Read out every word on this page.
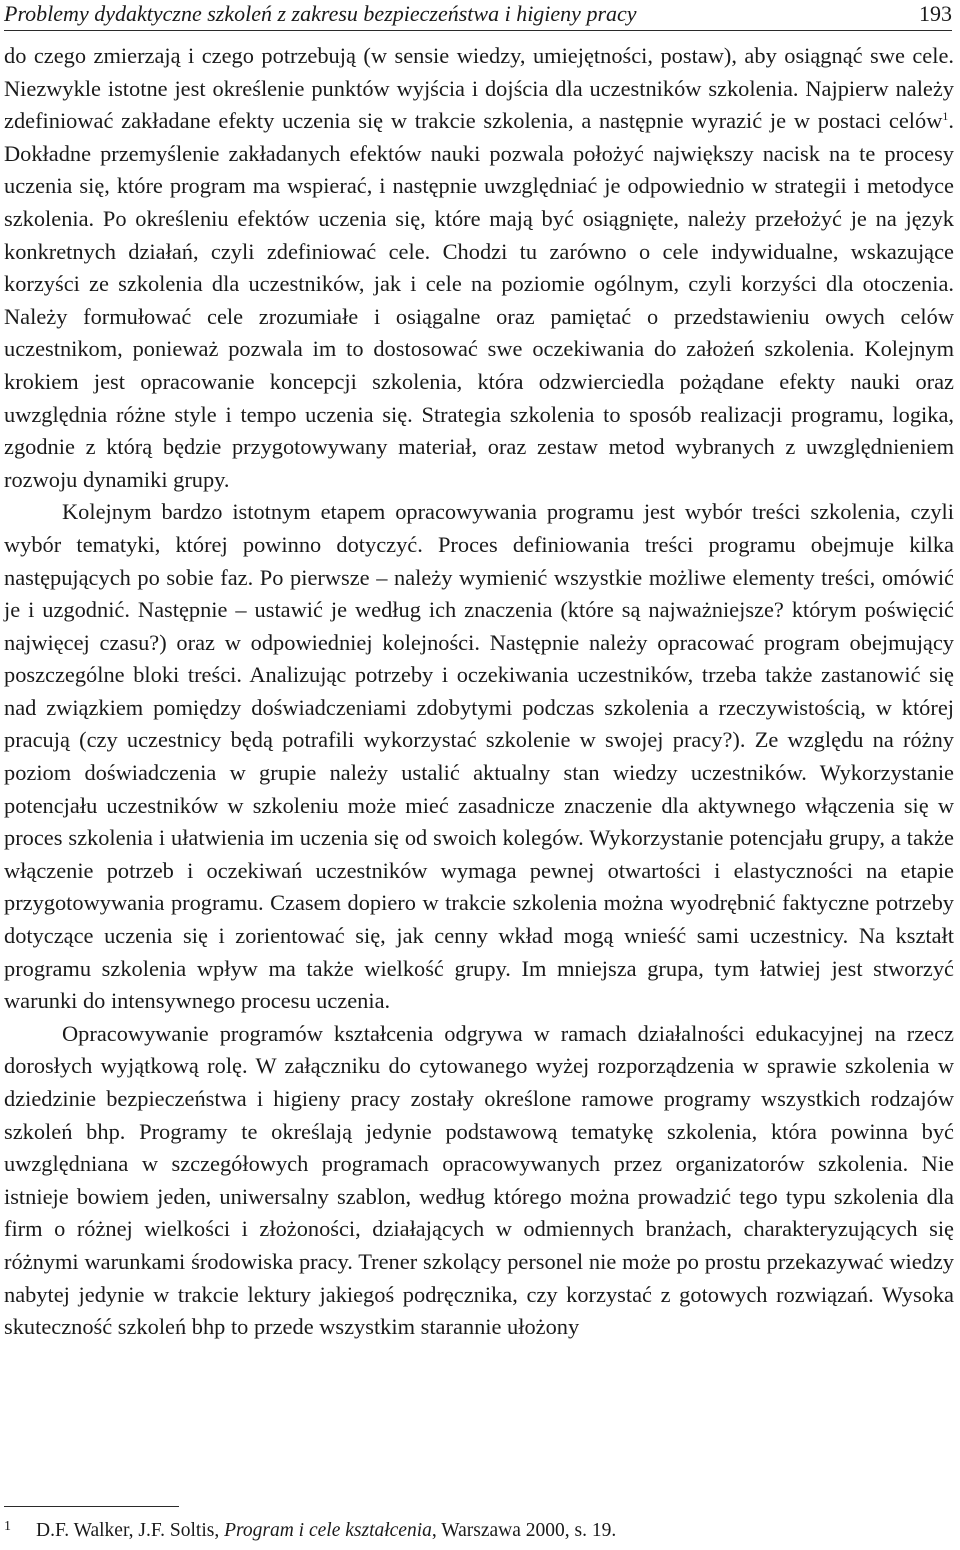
Problemy dydaktyczne szkoleń z zakresu bezpieczeństwa i higieny pracy	193

do czego zmierzają i czego potrzebują (w sensie wiedzy, umiejętności, postaw), aby osiągnąć swe cele. Niezwykle istotne jest określenie punktów wyjścia i dojścia dla uczestników szkolenia. Najpierw należy zdefiniować zakładane efekty uczenia się w trakcie szkolenia, a następnie wyrazić je w postaci celów$^1$. Dokładne przemyślenie zakładanych efektów nauki pozwala położyć największy nacisk na te procesy uczenia się, które program ma wspierać, i następnie uwzględniać je odpowiednio w strategii i metodyce szkolenia. Po określeniu efektów uczenia się, które mają być osiągnięte, należy przełożyć je na język konkretnych działań, czyli zdefiniować cele. Chodzi tu zarówno o cele indywidualne, wskazujące korzyści ze szkolenia dla uczestników, jak i cele na poziomie ogólnym, czyli korzyści dla otoczenia. Należy formułować cele zrozumiałe i osiągalne oraz pamiętać o przedstawieniu owych celów uczestnikom, ponieważ pozwala im to dostosować swe oczekiwania do założeń szkolenia. Kolejnym krokiem jest opracowanie koncepcji szkolenia, która odzwierciedla pożądane efekty nauki oraz uwzględnia różne style i tempo uczenia się. Strategia szkolenia to sposób realizacji programu, logika, zgodnie z którą będzie przygotowywany materiał, oraz zestaw metod wybranych z uwzględnieniem rozwoju dynamiki grupy.

Kolejnym bardzo istotnym etapem opracowywania programu jest wybór treści szkolenia, czyli wybór tematyki, której powinno dotyczyć. Proces definiowania treści programu obejmuje kilka następujących po sobie faz. Po pierwsze – należy wymienić wszystkie możliwe elementy treści, omówić je i uzgodnić. Następnie – ustawić je według ich znaczenia (które są najważniejsze? którym poświęcić najwięcej czasu?) oraz w odpowiedniej kolejności. Następnie należy opracować program obejmujący poszczególne bloki treści. Analizując potrzeby i oczekiwania uczestników, trzeba także zastanowić się nad związkiem pomiędzy doświadczeniami zdobytymi podczas szkolenia a rzeczywistością, w której pracują (czy uczestnicy będą potrafili wykorzystać szkolenie w swojej pracy?). Ze względu na różny poziom doświadczenia w grupie należy ustalić aktualny stan wiedzy uczestników. Wykorzystanie potencjału uczestników w szkoleniu może mieć zasadnicze znaczenie dla aktywnego włączenia się w proces szkolenia i ułatwienia im uczenia się od swoich kolegów. Wykorzystanie potencjału grupy, a także włączenie potrzeb i oczekiwań uczestników wymaga pewnej otwartości i elastyczności na etapie przygotowywania programu. Czasem dopiero w trakcie szkolenia można wyodrębnić faktyczne potrzeby dotyczące uczenia się i zorientować się, jak cenny wkład mogą wnieść sami uczestnicy. Na kształt programu szkolenia wpływ ma także wielkość grupy. Im mniejsza grupa, tym łatwiej jest stworzyć warunki do intensywnego procesu uczenia.

Opracowywanie programów kształcenia odgrywa w ramach działalności edukacyjnej na rzecz dorosłych wyjątkową rolę. W załączniku do cytowanego wyżej rozporządzenia w sprawie szkolenia w dziedzinie bezpieczeństwa i higieny pracy zostały określone ramowe programy wszystkich rodzajów szkoleń bhp. Programy te określają jedynie podstawową tematykę szkolenia, która powinna być uwzględniana w szczegółowych programach opracowywanych przez organizatorów szkolenia. Nie istnieje bowiem jeden, uniwersalny szablon, według którego można prowadzić tego typu szkolenia dla firm o różnej wielkości i złożoności, działających w odmiennych branżach, charakteryzujących się różnymi warunkami środowiska pracy. Trener szkolący personel nie może po prostu przekazywać wiedzy nabytej jedynie w trakcie lektury jakiegoś podręcznika, czy korzystać z gotowych rozwiązań. Wysoka skuteczność szkoleń bhp to przede wszystkim starannie ułożony

1 D.F. Walker, J.F. Soltis, Program i cele kształcenia, Warszawa 2000, s. 19.
